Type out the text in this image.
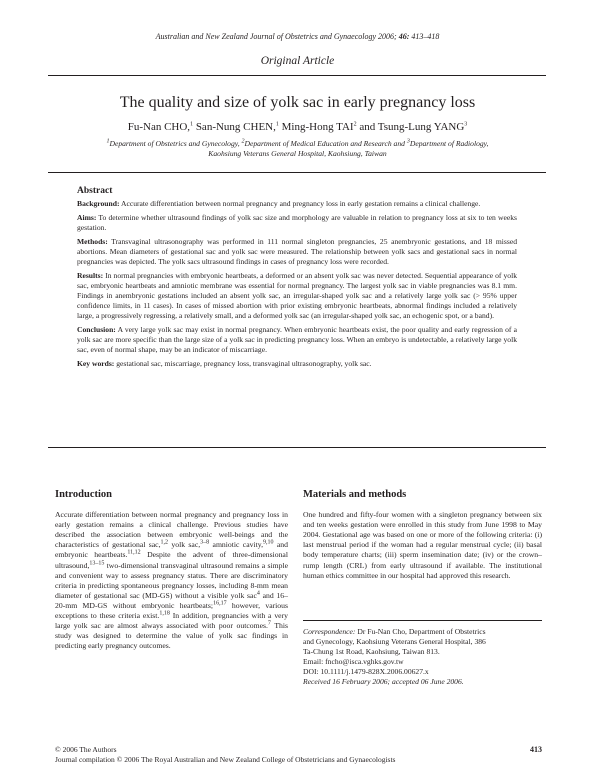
Australian and New Zealand Journal of Obstetrics and Gynaecology 2006; 46: 413–418
Original Article
The quality and size of yolk sac in early pregnancy loss
Fu-Nan CHO,$^1$ San-Nung CHEN,$^1$ Ming-Hong TAI$^2$ and Tsung-Lung YANG$^3$
$^1$Department of Obstetrics and Gynecology, $^2$Department of Medical Education and Research and $^3$Department of Radiology,
Kaohsiung Veterans General Hospital, Kaohsiung, Taiwan
Abstract

Background: Accurate differentiation between normal pregnancy and pregnancy loss in early gestation remains a clinical challenge.

Aims: To determine whether ultrasound findings of yolk sac size and morphology are valuable in relation to pregnancy loss at six to ten weeks gestation.

Methods: Transvaginal ultrasonography was performed in 111 normal singleton pregnancies, 25 anembryonic gestations, and 18 missed abortions. Mean diameters of gestational sac and yolk sac were measured. The relationship between yolk sacs and gestational sacs in normal pregnancies was depicted. The yolk sacs ultrasound findings in cases of pregnancy loss were recorded.

Results: In normal pregnancies with embryonic heartbeats, a deformed or an absent yolk sac was never detected. Sequential appearance of yolk sac, embryonic heartbeats and amniotic membrane was essential for normal pregnancy. The largest yolk sac in viable pregnancies was 8.1 mm. Findings in anembryonic gestations included an absent yolk sac, an irregular-shaped yolk sac and a relatively large yolk sac (> 95% upper confidence limits, in 11 cases). In cases of missed abortion with prior existing embryonic heartbeats, abnormal findings included a relatively large, a progressively regressing, a relatively small, and a deformed yolk sac (an irregular-shaped yolk sac, an echogenic spot, or a band).

Conclusion: A very large yolk sac may exist in normal pregnancy. When embryonic heartbeats exist, the poor quality and early regression of a yolk sac are more specific than the large size of a yolk sac in predicting pregnancy loss. When an embryo is undetectable, a relatively large yolk sac, even of normal shape, may be an indicator of miscarriage.

Key words: gestational sac, miscarriage, pregnancy loss, transvaginal ultrasonography, yolk sac.

Introduction

Accurate differentiation between normal pregnancy and pregnancy loss in early gestation remains a clinical challenge. Previous studies have described the association between embryonic well-beings and the characteristics of gestational sac,$^{1,2}$ yolk sac,$^{3-8}$ amniotic cavity,$^{9,10}$ and embryonic heartbeats.$^{11,12}$ Despite the advent of three-dimensional ultrasound,$^{13-15}$ two-dimensional transvaginal ultrasound remains a simple and convenient way to assess pregnancy status. There are discriminatory criteria in predicting spontaneous pregnancy losses, including 8-mm mean diameter of gestational sac (MD-GS) without a visible yolk sac$^4$ and 16–20-mm MD-GS without embryonic heartbeats;$^{16,17}$ however, various exceptions to these criteria exist.$^{1,18}$ In addition, pregnancies with a very large yolk sac are almost always associated with poor outcomes.$^7$ This study was designed to determine the value of yolk sac findings in predicting early pregnancy outcomes.

Materials and methods

One hundred and fifty-four women with a singleton pregnancy between six and ten weeks gestation were enrolled in this study from June 1998 to May 2004. Gestational age was based on one or more of the following criteria: (i) last menstrual period if the woman had a regular menstrual cycle; (ii) basal body temperature charts; (iii) sperm insemination date; (iv) or the crown–rump length (CRL) from early ultrasound if available. The institutional human ethics committee in our hospital had approved this research.

Correspondence: Dr Fu-Nan Cho, Department of Obstetrics

and Gynecology, Kaohsiung Veterans General Hospital, 386

Ta-Chung 1st Road, Kaohsiung, Taiwan 813.

Email: fncho@isca.vghks.gov.tw

DOI: 10.1111/j.1479-828X.2006.00627.x

Received 16 February 2006; accepted 06 June 2006.

© 2006 The Authors
Journal compilation © 2006 The Royal Australian and New Zealand College of Obstetricians and Gynaecologists
413
